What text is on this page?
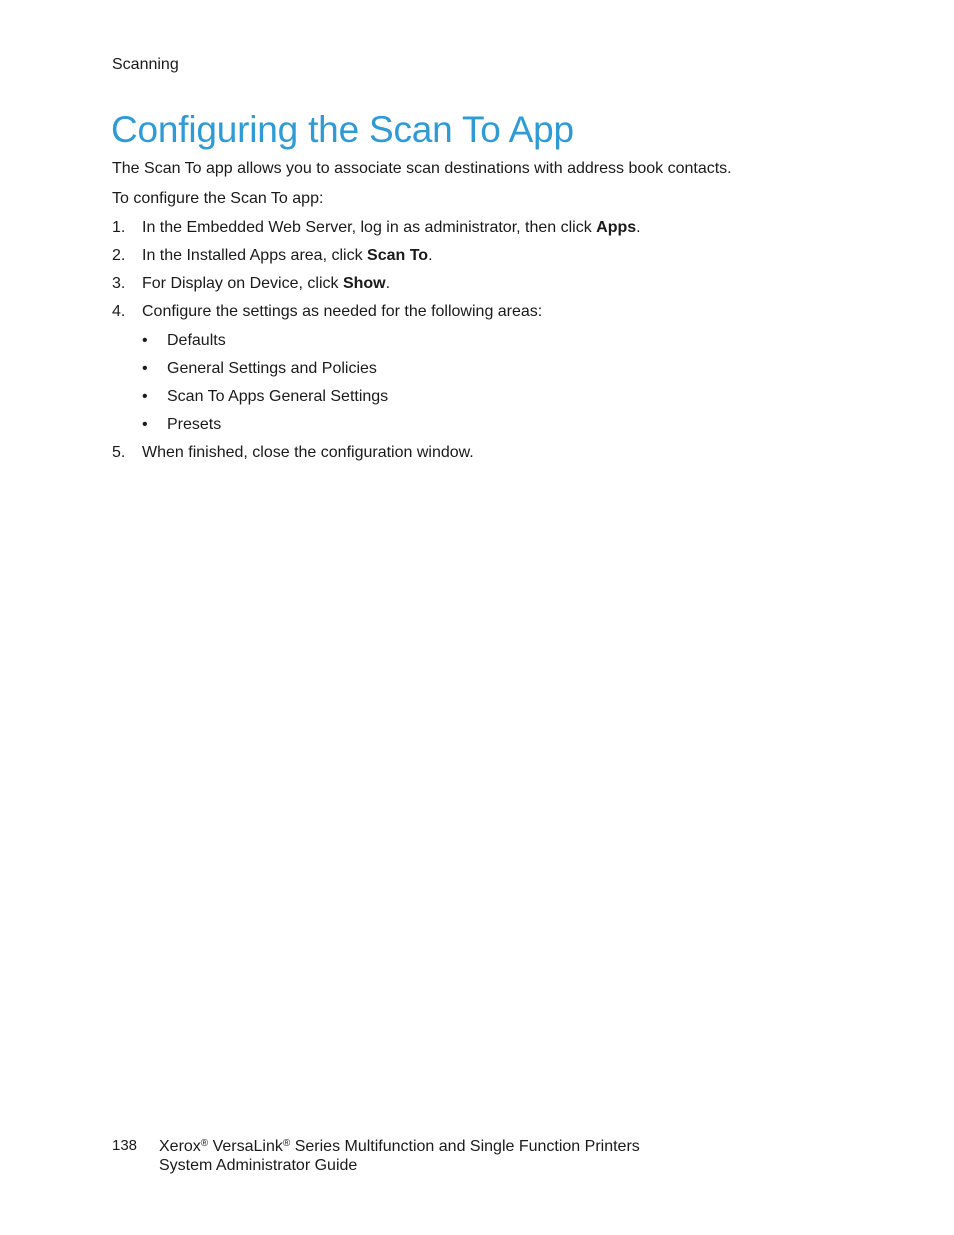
Scanning
Configuring the Scan To App
The Scan To app allows you to associate scan destinations with address book contacts.
To configure the Scan To app:
1. In the Embedded Web Server, log in as administrator, then click Apps.
2. In the Installed Apps area, click Scan To.
3. For Display on Device, click Show.
4. Configure the settings as needed for the following areas:
• Defaults
• General Settings and Policies
• Scan To Apps General Settings
• Presets
5. When finished, close the configuration window.
138 Xerox® VersaLink® Series Multifunction and Single Function Printers
System Administrator Guide
